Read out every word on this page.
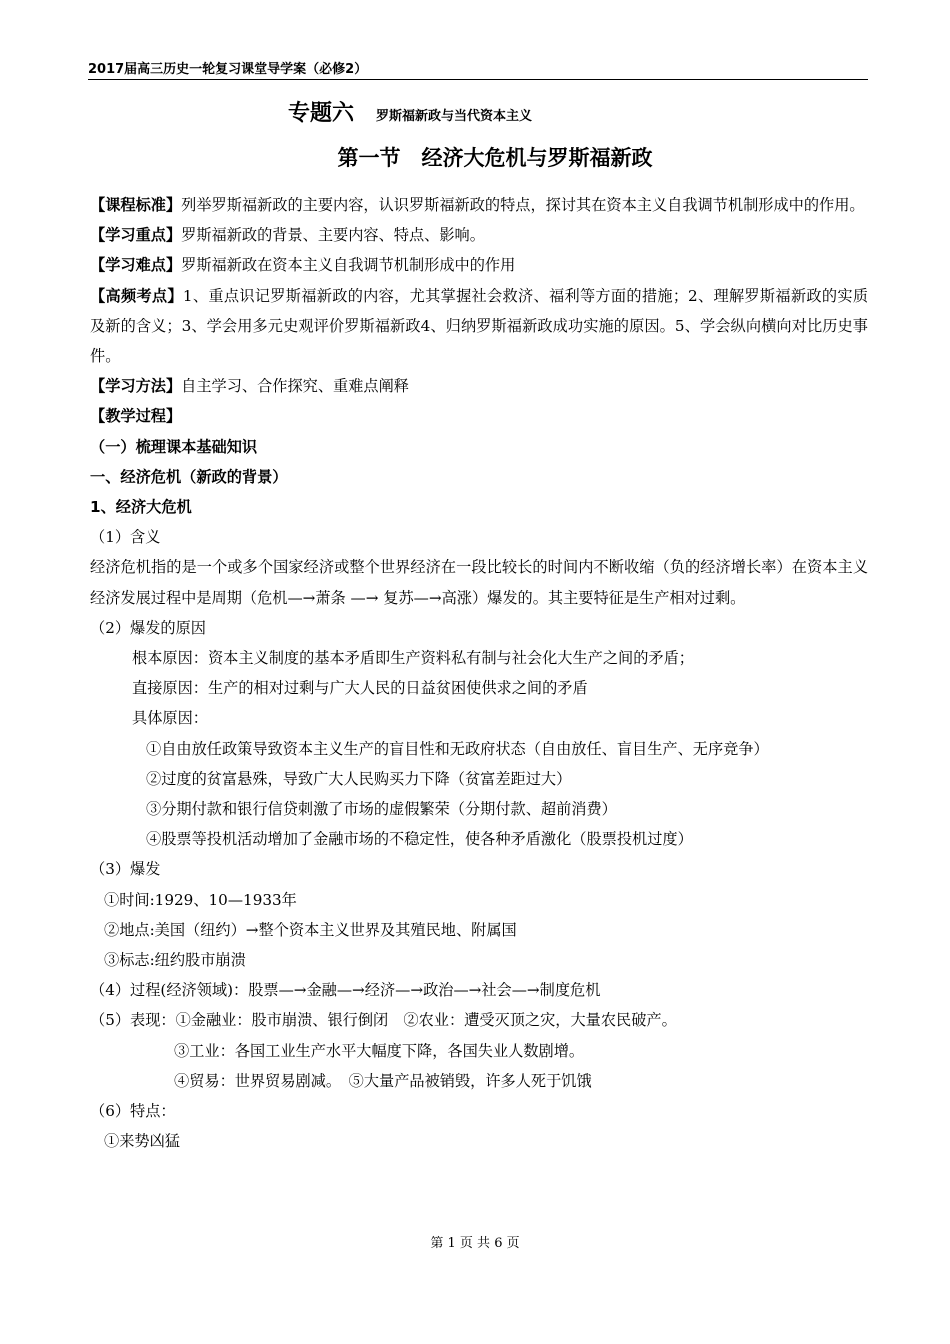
2017届高三历史一轮复习课堂导学案（必修2）
专题六 罗斯福新政与当代资本主义
第一节　经济大危机与罗斯福新政
【课程标准】列举罗斯福新政的主要内容，认识罗斯福新政的特点，探讨其在资本主义自我调节机制形成中的作用。
【学习重点】罗斯福新政的背景、主要内容、特点、影响。
【学习难点】罗斯福新政在资本主义自我调节机制形成中的作用
【高频考点】1、重点识记罗斯福新政的内容，尤其掌握社会救济、福利等方面的措施；2、理解罗斯福新政的实质及新的含义；3、学会用多元史观评价罗斯福新政4、归纳罗斯福新政成功实施的原因。5、学会纵向横向对比历史事件。
【学习方法】自主学习、合作探究、重难点阐释
【教学过程】
（一）梳理课本基础知识
一、经济危机（新政的背景）
1、经济大危机
（1）含义
经济危机指的是一个或多个国家经济或整个世界经济在一段比较长的时间内不断收缩（负的经济增长率）在资本主义经济发展过程中是周期（危机—→萧条 —→ 复苏—→高涨）爆发的。其主要特征是生产相对过剩。
（2）爆发的原因
根本原因：资本主义制度的基本矛盾即生产资料私有制与社会化大生产之间的矛盾；
直接原因：生产的相对过剩与广大人民的日益贫困使供求之间的矛盾
具体原因：
①自由放任政策导致资本主义生产的盲目性和无政府状态（自由放任、盲目生产、无序竞争）
②过度的贫富悬殊，导致广大人民购买力下降（贫富差距过大）
③分期付款和银行信贷刺激了市场的虚假繁荣（分期付款、超前消费）
④股票等投机活动增加了金融市场的不稳定性，使各种矛盾激化（股票投机过度）
（3）爆发
①时间:1929、10—1933年
②地点:美国（纽约）→整个资本主义世界及其殖民地、附属国
③标志:纽约股市崩溃
（4）过程(经济领域)：股票—→金融—→经济—→政治—→社会—→制度危机
（5）表现：①金融业：股市崩溃、银行倒闭　②农业：遭受灭顶之灾，大量农民破产。
③工业：各国工业生产水平大幅度下降，各国失业人数剧增。
④贸易：世界贸易剧减。　⑤大量产品被销毁，许多人死于饥饿
（6）特点：
①来势凶猛
第 1 页 共 6 页
